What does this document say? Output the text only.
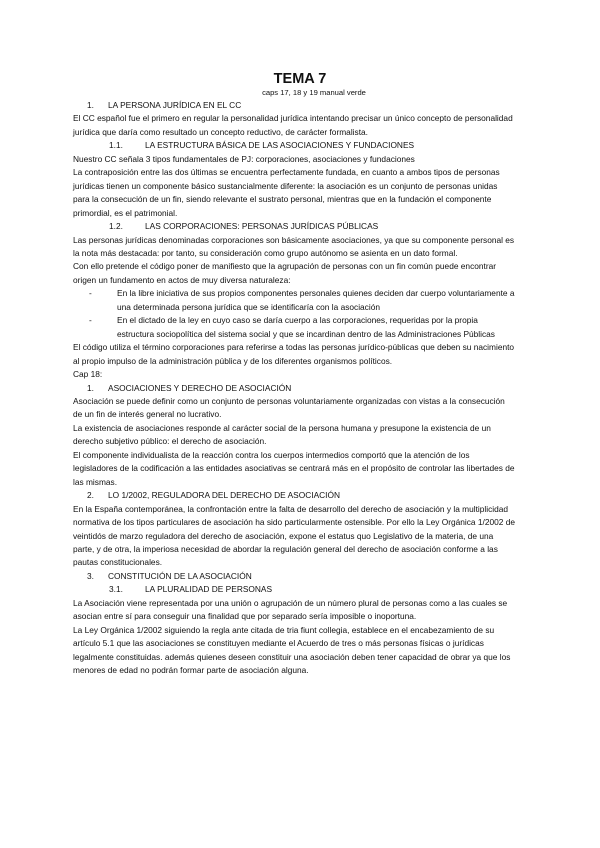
TEMA 7
caps 17, 18 y 19 manual verde

1.	LA PERSONA JURÍDICA EN EL CC

El CC español fue el primero en regular la personalidad jurídica intentando precisar un único concepto de personalidad jurídica que daría como resultado un concepto reductivo, de carácter formalista.

1.1.	LA ESTRUCTURA BÁSICA DE LAS ASOCIACIONES Y FUNDACIONES

Nuestro CC señala 3 tipos fundamentales de PJ: corporaciones, asociaciones y fundaciones

La contraposición entre las dos últimas se encuentra perfectamente fundada, en cuanto a ambos tipos de personas jurídicas tienen un componente básico sustancialmente diferente: la asociación es un conjunto de personas unidas para la consecución de un fin, siendo relevante el sustrato personal, mientras que en la fundación el componente primordial, es el patrimonial.

1.2.	LAS CORPORACIONES: PERSONAS JURÍDICAS PÚBLICAS

Las personas jurídicas denominadas corporaciones son básicamente asociaciones, ya que su componente personal es la nota más destacada: por tanto, su consideración como grupo autónomo se asienta en un dato formal.

Con ello pretende el código poner de manifiesto que la agrupación de personas con un fin común puede encontrar origen un fundamento en actos de muy diversa naturaleza:

-	En la libre iniciativa de sus propios componentes personales quienes deciden dar cuerpo voluntariamente a una determinada persona jurídica que se identificaría con la asociación
-	En el dictado de la ley en cuyo caso se daría cuerpo a las corporaciones, requeridas por la propia estructura sociopolítica del sistema social y que se incardinan dentro de las Administraciones Públicas

El código utiliza el término corporaciones para referirse a todas las personas jurídico-públicas que deben su nacimiento al propio impulso de la administración pública y de los diferentes organismos políticos.

Cap 18:

1.	ASOCIACIONES Y DERECHO DE ASOCIACIÓN

Asociación se puede definir como un conjunto de personas voluntariamente organizadas con vistas a la consecución de un fin de interés general no lucrativo.

La existencia de asociaciones responde al carácter social de la persona humana y presupone la existencia de un derecho subjetivo público: el derecho de asociación.

El componente individualista de la reacción contra los cuerpos intermedios comportó que la atención de los legisladores de la codificación a las entidades asociativas se centrará más en el propósito de controlar las libertades de las mismas.

2.	LO 1/2002, REGULADORA DEL DERECHO DE ASOCIACIÓN

En la España contemporánea, la confrontación entre la falta de desarrollo del derecho de asociación y la multiplicidad normativa de los tipos particulares de asociación ha sido particularmente ostensible. Por ello la Ley Orgánica 1/2002 de veintidós de marzo reguladora del derecho de asociación, expone el estatus quo Legislativo de la materia, de una parte, y de otra, la imperiosa necesidad de abordar la regulación general del derecho de asociación conforme a las pautas constitucionales.

3.	CONSTITUCIÓN DE LA ASOCIACIÓN

3.1.	LA PLURALIDAD DE PERSONAS

La Asociación viene representada por una unión o agrupación de un número plural de personas como a las cuales se asocian entre sí para conseguir una finalidad que por separado sería imposible o inoportuna.

La Ley Orgánica 1/2002 siguiendo la regla ante citada de tria fiunt collegia, establece en el encabezamiento de su artículo 5.1 que las asociaciones se constituyen mediante el Acuerdo de tres o más personas físicas o jurídicas legalmente constituidas. además quienes deseen constituir una asociación deben tener capacidad de obrar ya que los menores de edad no podrán formar parte de asociación alguna.
